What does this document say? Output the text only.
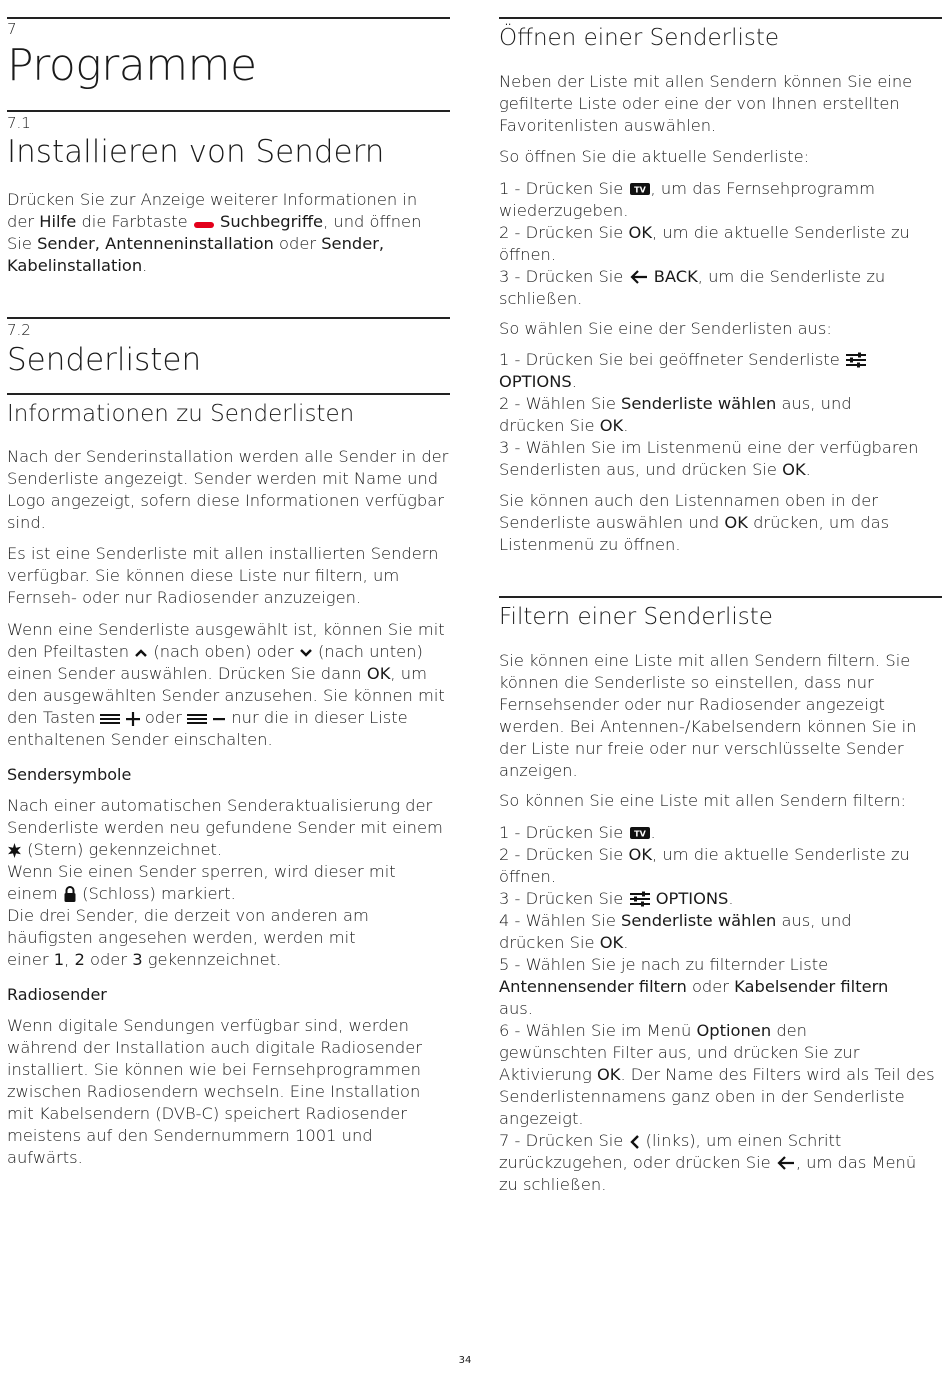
7
Programme
7.1
Installieren von Sendern
Drücken Sie zur Anzeige weiterer Informationen in
der Hilfe die Farbtaste  Suchbegriffe, und öffnen
Sie Sender, Antenneninstallation oder Sender,
Kabelinstallation.
7.2
Senderlisten
Informationen zu Senderlisten
Nach der Senderinstallation werden alle Sender in der
Senderliste angezeigt. Sender werden mit Name und
Logo angezeigt, sofern diese Informationen verfügbar
sind.
Es ist eine Senderliste mit allen installierten Sendern
verfügbar. Sie können diese Liste nur filtern, um
Fernseh- oder nur Radiosender anzuzeigen.
Wenn eine Senderliste ausgewählt ist, können Sie mit
den Pfeiltasten  (nach oben) oder  (nach unten)
einen Sender auswählen. Drücken Sie dann OK, um
den ausgewählten Sender anzusehen. Sie können mit
den Tasten   oder   nur die in dieser Liste
enthaltenen Sender einschalten.
Sendersymbole
Nach einer automatischen Senderaktualisierung der
Senderliste werden neu gefundene Sender mit einem
(Stern) gekennzeichnet.
Wenn Sie einen Sender sperren, wird dieser mit
einem  (Schloss) markiert.
Die drei Sender, die derzeit von anderen am
häufigsten angesehen werden, werden mit
einer 1, 2 oder 3 gekennzeichnet.
Radiosender
Wenn digitale Sendungen verfügbar sind, werden
während der Installation auch digitale Radiosender
installiert. Sie können wie bei Fernsehprogrammen
zwischen Radiosendern wechseln. Eine Installation
mit Kabelsendern (DVB-C) speichert Radiosender
meistens auf den Sendernummern 1001 und
aufwärts.
Öffnen einer Senderliste
Neben der Liste mit allen Sendern können Sie eine
gefilterte Liste oder eine der von Ihnen erstellten
Favoritenlisten auswählen.
So öffnen Sie die aktuelle Senderliste:
1 - Drücken Sie TV , um das Fernsehprogramm
wiederzugeben.
2 - Drücken Sie OK, um die aktuelle Senderliste zu
öffnen.
3 - Drücken Sie  BACK, um die Senderliste zu
schließen.
So wählen Sie eine der Senderlisten aus:
1 - Drücken Sie bei geöffneter Senderliste
OPTIONS.
2 - Wählen Sie Senderliste wählen aus, und
drücken Sie OK.
3 - Wählen Sie im Listenmenü eine der verfügbaren
Senderlisten aus, und drücken Sie OK.
Sie können auch den Listennamen oben in der
Senderliste auswählen und OK drücken, um das
Listenmenü zu öffnen.
Filtern einer Senderliste
Sie können eine Liste mit allen Sendern filtern. Sie
können die Senderliste so einstellen, dass nur
Fernsehsender oder nur Radiosender angezeigt
werden. Bei Antennen-/Kabelsendern können Sie in
der Liste nur freie oder nur verschlüsselte Sender
anzeigen.
So können Sie eine Liste mit allen Sendern filtern:
1 - Drücken Sie TV .
2 - Drücken Sie OK, um die aktuelle Senderliste zu
öffnen.
3 - Drücken Sie  OPTIONS.
4 - Wählen Sie Senderliste wählen aus, und
drücken Sie OK.
5 - Wählen Sie je nach zu filternder Liste
Antennensender filtern oder Kabelsender filtern
aus.
6 - Wählen Sie im Menü Optionen den
gewünschten Filter aus, und drücken Sie zur
Aktivierung OK. Der Name des Filters wird als Teil des
Senderlistennamens ganz oben in der Senderliste
angezeigt.
7 - Drücken Sie  (links), um einen Schritt
zurückzugehen, oder drücken Sie , um das Menü
zu schließen.
34
